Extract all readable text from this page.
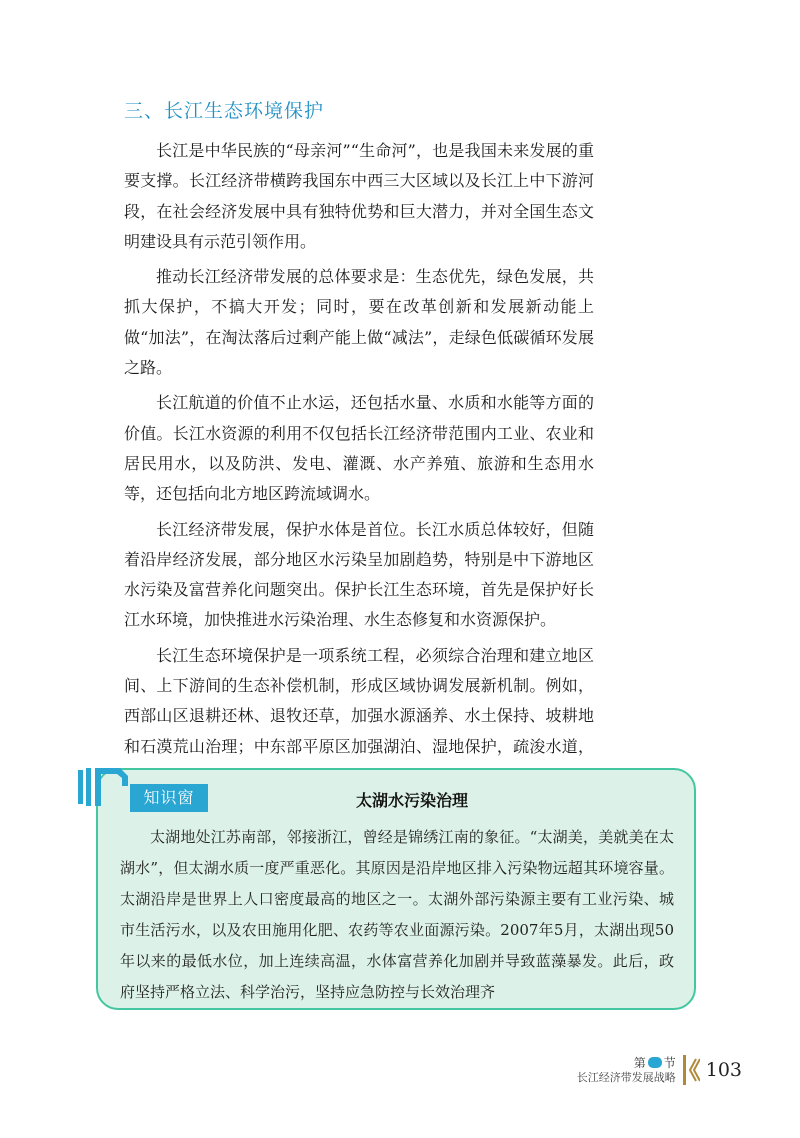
三、长江生态环境保护

长江是中华民族的“母亲河”“生命河”，也是我国未来发展的重要支撑。长江经济带横跨我国东中西三大区域以及长江上中下游河段，在社会经济发展中具有独特优势和巨大潜力，并对全国生态文明建设具有示范引领作用。

推动长江经济带发展的总体要求是：生态优先，绿色发展，共抓大保护，不搞大开发；同时，要在改革创新和发展新动能上做“加法”，在淘汰落后过剩产能上做“减法”，走绿色低碳循环发展之路。

长江航道的价值不止水运，还包括水量、水质和水能等方面的价值。长江水资源的利用不仅包括长江经济带范围内工业、农业和居民用水，以及防洪、发电、灌溉、水产养殖、旅游和生态用水等，还包括向北方地区跨流域调水。

长江经济带发展，保护水体是首位。长江水质总体较好，但随着沿岸经济发展，部分地区水污染呈加剧趋势，特别是中下游地区水污染及富营养化问题突出。保护长江生态环境，首先是保护好长江水环境，加快推进水污染治理、水生态修复和水资源保护。

长江生态环境保护是一项系统工程，必须综合治理和建立地区间、上下游间的生态补偿机制，形成区域协调发展新机制。例如，西部山区退耕还林、退牧还草，加强水源涵养、水土保持、坡耕地和石漠荒山治理；中东部平原区加强湖泊、湿地保护，疏浚水道，

知识窗	太湖水污染治理

太湖地处江苏南部，邻接浙江，曾经是锦绣江南的象征。“太湖美，美就美在太湖水”，但太湖水质一度严重恶化。其原因是沿岸地区排入污染物远超其环境容量。太湖沿岸是世界上人口密度最高的地区之一。太湖外部污染源主要有工业污染、城市生活污水，以及农田施用化肥、农药等农业面源污染。2007年5月，太湖出现50年以来的最低水位，加上连续高温，水体富营养化加剧并导致蓝藻暴发。此后，政府坚持严格立法、科学治污，坚持应急防控与长效治理齐

第 节
长江经济带发展战略 103
